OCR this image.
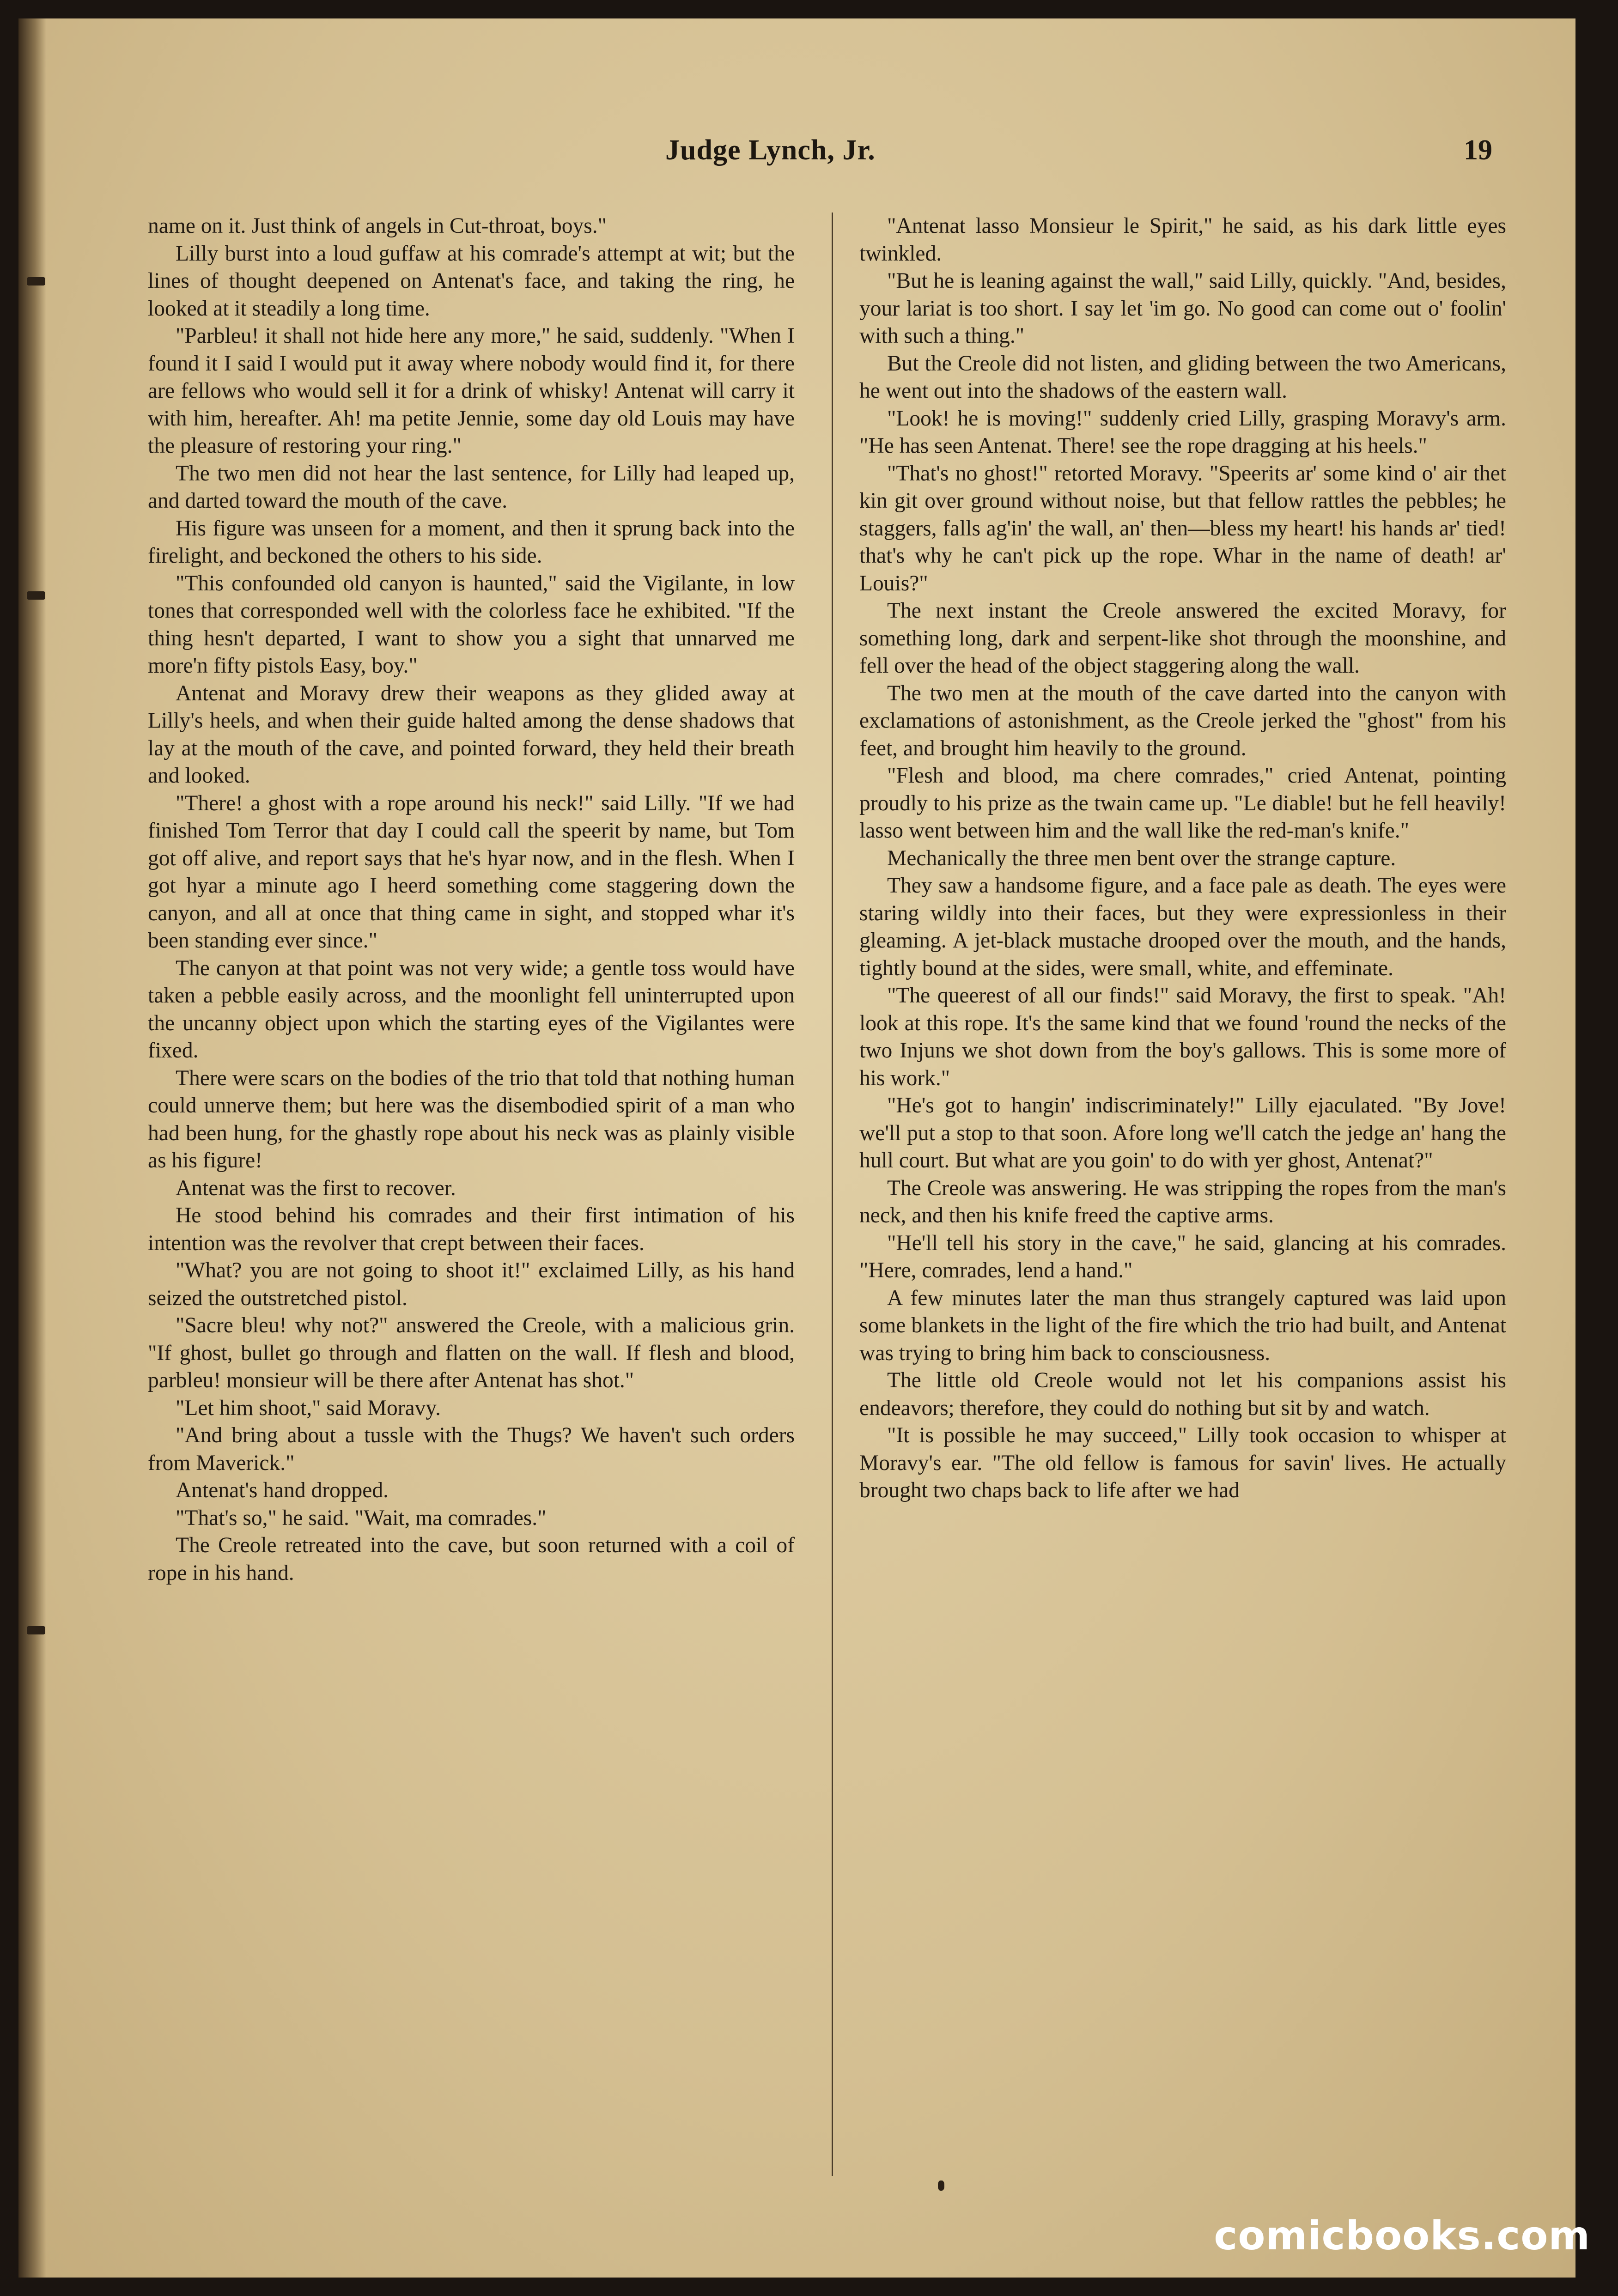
Judge Lynch, Jr.	19

name on it. Just think of angels in Cut-throat, boys."

Lilly burst into a loud guffaw at his comrade's attempt at wit; but the lines of thought deepened on Antenat's face, and taking the ring, he looked at it steadily a long time.

"Parbleu! it shall not hide here any more," he said, suddenly. "When I found it I said I would put it away where nobody would find it, for there are fellows who would sell it for a drink of whisky! Antenat will carry it with him, hereafter. Ah! ma petite Jennie, some day old Louis may have the pleasure of restoring your ring."

The two men did not hear the last sentence, for Lilly had leaped up, and darted toward the mouth of the cave.

His figure was unseen for a moment, and then it sprung back into the firelight, and beckoned the others to his side.

"This confounded old canyon is haunted," said the Vigilante, in low tones that corresponded well with the colorless face he exhibited. "If the thing hesn't departed, I want to show you a sight that unnarved me more'n fifty pistols Easy, boy."

Antenat and Moravy drew their weapons as they glided away at Lilly's heels, and when their guide halted among the dense shadows that lay at the mouth of the cave, and pointed forward, they held their breath and looked.

"There! a ghost with a rope around his neck!" said Lilly. "If we had finished Tom Terror that day I could call the speerit by name, but Tom got off alive, and report says that he's hyar now, and in the flesh. When I got hyar a minute ago I heerd something come staggering down the canyon, and all at once that thing came in sight, and stopped whar it's been standing ever since."

The canyon at that point was not very wide; a gentle toss would have taken a pebble easily across, and the moonlight fell uninterrupted upon the uncanny object upon which the starting eyes of the Vigilantes were fixed.

There were scars on the bodies of the trio that told that nothing human could unnerve them; but here was the disembodied spirit of a man who had been hung, for the ghastly rope about his neck was as plainly visible as his figure!

Antenat was the first to recover.

He stood behind his comrades and their first intimation of his intention was the revolver that crept between their faces.

"What? you are not going to shoot it!" exclaimed Lilly, as his hand seized the outstretched pistol.

"Sacre bleu! why not?" answered the Creole, with a malicious grin. "If ghost, bullet go through and flatten on the wall. If flesh and blood, parbleu! monsieur will be there after Antenat has shot."

"Let him shoot," said Moravy.

"And bring about a tussle with the Thugs? We haven't such orders from Maverick."

Antenat's hand dropped.

"That's so," he said. "Wait, ma comrades."

The Creole retreated into the cave, but soon returned with a coil of rope in his hand.

"Antenat lasso Monsieur le Spirit," he said, as his dark little eyes twinkled.

"But he is leaning against the wall," said Lilly, quickly. "And, besides, your lariat is too short. I say let 'im go. No good can come out o' foolin' with such a thing."

But the Creole did not listen, and gliding between the two Americans, he went out into the shadows of the eastern wall.

"Look! he is moving!" suddenly cried Lilly, grasping Moravy's arm. "He has seen Antenat. There! see the rope dragging at his heels."

"That's no ghost!" retorted Moravy. "Speerits ar' some kind o' air thet kin git over ground without noise, but that fellow rattles the pebbles; he staggers, falls ag'in' the wall, an' then—bless my heart! his hands ar' tied! that's why he can't pick up the rope. Whar in the name of death! ar' Louis?"

The next instant the Creole answered the excited Moravy, for something long, dark and serpent-like shot through the moonshine, and fell over the head of the object staggering along the wall.

The two men at the mouth of the cave darted into the canyon with exclamations of astonishment, as the Creole jerked the "ghost" from his feet, and brought him heavily to the ground.

"Flesh and blood, ma chere comrades," cried Antenat, pointing proudly to his prize as the twain came up. "Le diable! but he fell heavily! lasso went between him and the wall like the red-man's knife."

Mechanically the three men bent over the strange capture.

They saw a handsome figure, and a face pale as death. The eyes were staring wildly into their faces, but they were expressionless in their gleaming. A jet-black mustache drooped over the mouth, and the hands, tightly bound at the sides, were small, white, and effeminate.

"The queerest of all our finds!" said Moravy, the first to speak. "Ah! look at this rope. It's the same kind that we found 'round the necks of the two Injuns we shot down from the boy's gallows. This is some more of his work."

"He's got to hangin' indiscriminately!" Lilly ejaculated. "By Jove! we'll put a stop to that soon. Afore long we'll catch the jedge an' hang the hull court. But what are you goin' to do with yer ghost, Antenat?"

The Creole was answering. He was stripping the ropes from the man's neck, and then his knife freed the captive arms.

"He'll tell his story in the cave," he said, glancing at his comrades. "Here, comrades, lend a hand."

A few minutes later the man thus strangely captured was laid upon some blankets in the light of the fire which the trio had built, and Antenat was trying to bring him back to consciousness.

The little old Creole would not let his companions assist his endeavors; therefore, they could do nothing but sit by and watch.

"It is possible he may succeed," Lilly took occasion to whisper at Moravy's ear. "The old fellow is famous for savin' lives. He actually brought two chaps back to life after we had

comicbooks.com
